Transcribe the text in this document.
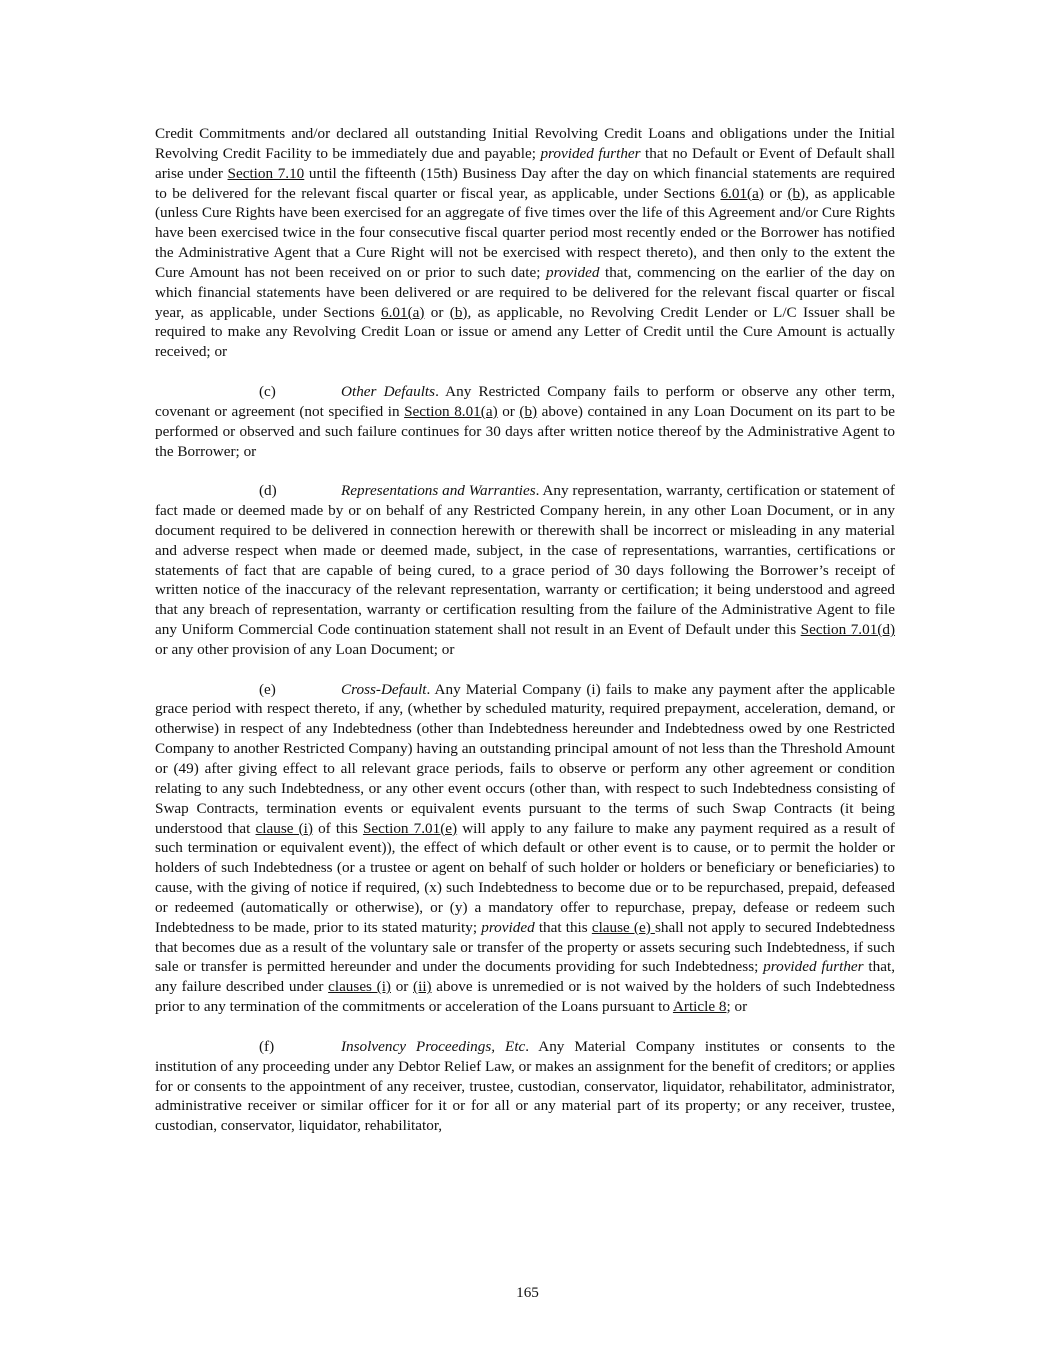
Credit Commitments and/or declared all outstanding Initial Revolving Credit Loans and obligations under the Initial Revolving Credit Facility to be immediately due and payable; provided further that no Default or Event of Default shall arise under Section 7.10 until the fifteenth (15th) Business Day after the day on which financial statements are required to be delivered for the relevant fiscal quarter or fiscal year, as applicable, under Sections 6.01(a) or (b), as applicable (unless Cure Rights have been exercised for an aggregate of five times over the life of this Agreement and/or Cure Rights have been exercised twice in the four consecutive fiscal quarter period most recently ended or the Borrower has notified the Administrative Agent that a Cure Right will not be exercised with respect thereto), and then only to the extent the Cure Amount has not been received on or prior to such date; provided that, commencing on the earlier of the day on which financial statements have been delivered or are required to be delivered for the relevant fiscal quarter or fiscal year, as applicable, under Sections 6.01(a) or (b), as applicable, no Revolving Credit Lender or L/C Issuer shall be required to make any Revolving Credit Loan or issue or amend any Letter of Credit until the Cure Amount is actually received; or

(c)	Other Defaults. Any Restricted Company fails to perform or observe any other term, covenant or agreement (not specified in Section 8.01(a) or (b) above) contained in any Loan Document on its part to be performed or observed and such failure continues for 30 days after written notice thereof by the Administrative Agent to the Borrower; or

(d)	Representations and Warranties. Any representation, warranty, certification or statement of fact made or deemed made by or on behalf of any Restricted Company herein, in any other Loan Document, or in any document required to be delivered in connection herewith or therewith shall be incorrect or misleading in any material and adverse respect when made or deemed made, subject, in the case of representations, warranties, certifications or statements of fact that are capable of being cured, to a grace period of 30 days following the Borrower’s receipt of written notice of the inaccuracy of the relevant representation, warranty or certification; it being understood and agreed that any breach of representation, warranty or certification resulting from the failure of the Administrative Agent to file any Uniform Commercial Code continuation statement shall not result in an Event of Default under this Section 7.01(d) or any other provision of any Loan Document; or

(e)	Cross-Default. Any Material Company (i) fails to make any payment after the applicable grace period with respect thereto, if any, (whether by scheduled maturity, required prepayment, acceleration, demand, or otherwise) in respect of any Indebtedness (other than Indebtedness hereunder and Indebtedness owed by one Restricted Company to another Restricted Company) having an outstanding principal amount of not less than the Threshold Amount or (49) after giving effect to all relevant grace periods, fails to observe or perform any other agreement or condition relating to any such Indebtedness, or any other event occurs (other than, with respect to such Indebtedness consisting of Swap Contracts, termination events or equivalent events pursuant to the terms of such Swap Contracts (it being understood that clause (i) of this Section 7.01(e) will apply to any failure to make any payment required as a result of such termination or equivalent event)), the effect of which default or other event is to cause, or to permit the holder or holders of such Indebtedness (or a trustee or agent on behalf of such holder or holders or beneficiary or beneficiaries) to cause, with the giving of notice if required, (x) such Indebtedness to become due or to be repurchased, prepaid, defeased or redeemed (automatically or otherwise), or (y) a mandatory offer to repurchase, prepay, defease or redeem such Indebtedness to be made, prior to its stated maturity; provided that this clause (e) shall not apply to secured Indebtedness that becomes due as a result of the voluntary sale or transfer of the property or assets securing such Indebtedness, if such sale or transfer is permitted hereunder and under the documents providing for such Indebtedness; provided further that, any failure described under clauses (i) or (ii) above is unremedied or is not waived by the holders of such Indebtedness prior to any termination of the commitments or acceleration of the Loans pursuant to Article 8; or

(f)	Insolvency Proceedings, Etc. Any Material Company institutes or consents to the institution of any proceeding under any Debtor Relief Law, or makes an assignment for the benefit of creditors; or applies for or consents to the appointment of any receiver, trustee, custodian, conservator, liquidator, rehabilitator, administrator, administrative receiver or similar officer for it or for all or any material part of its property; or any receiver, trustee, custodian, conservator, liquidator, rehabilitator,

165
